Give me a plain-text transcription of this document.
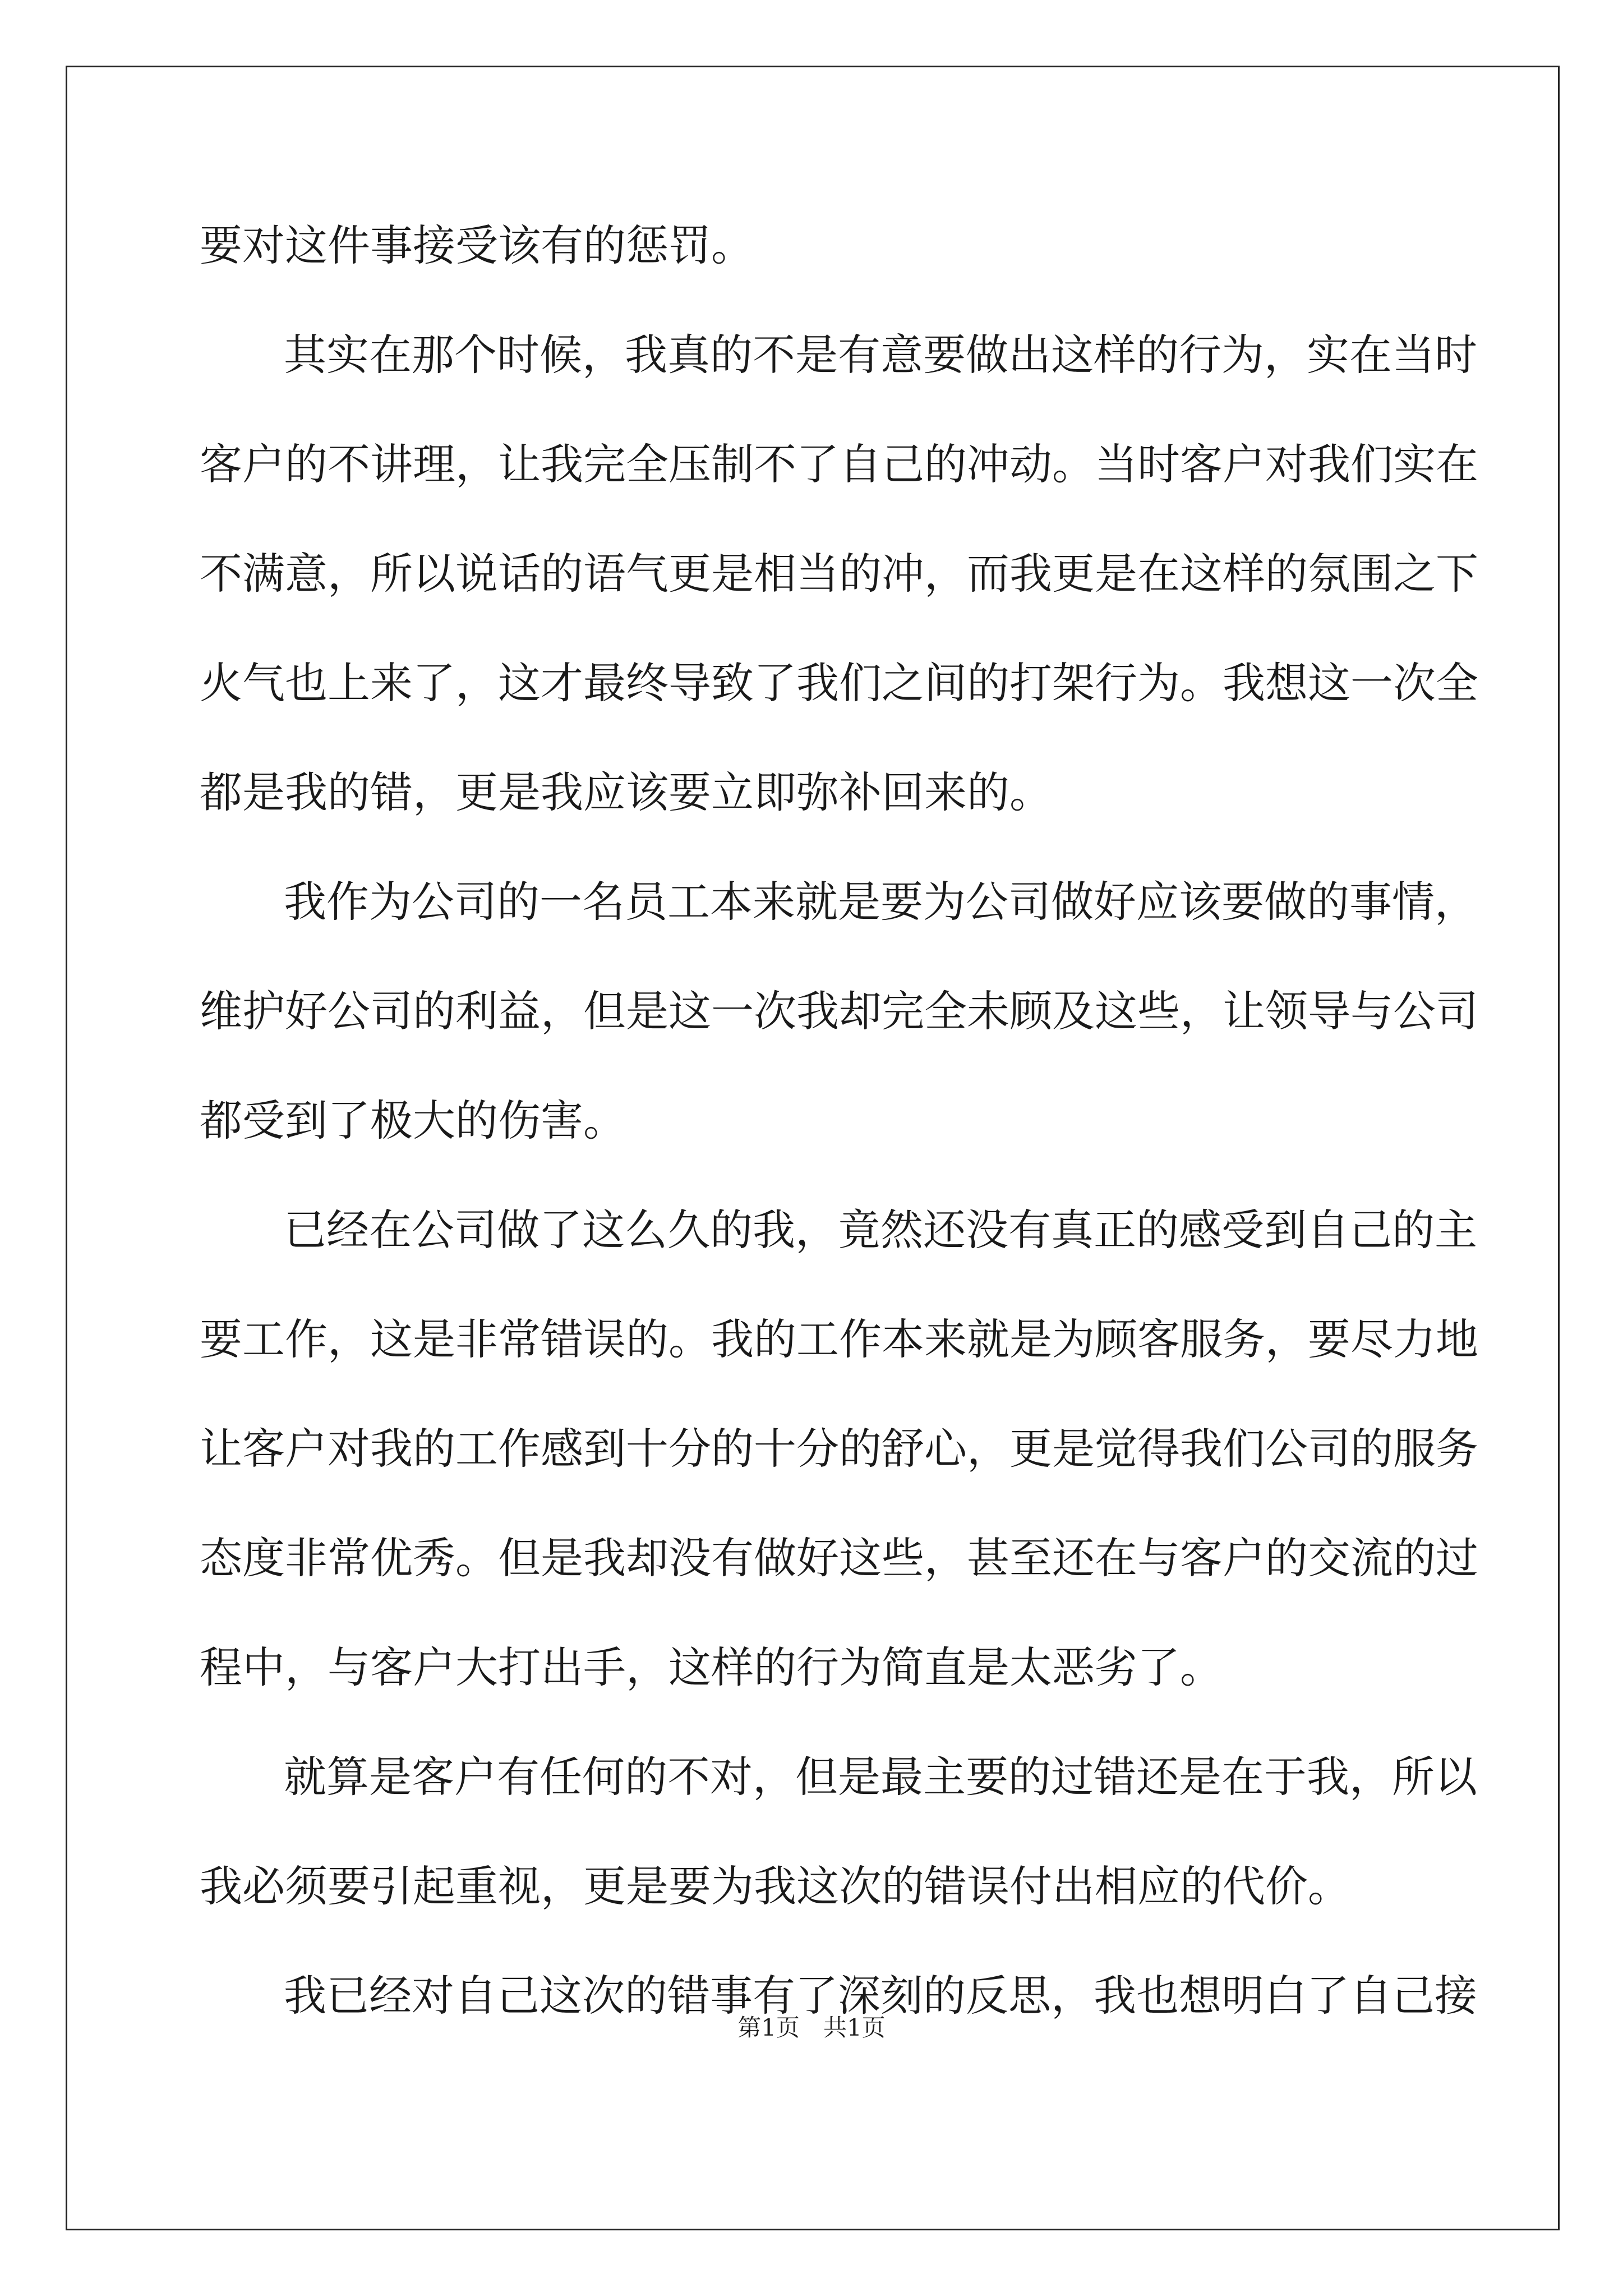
要对这件事接受该有的惩罚。

其实在那个时候，我真的不是有意要做出这样的行为，实在当时

客户的不讲理，让我完全压制不了自己的冲动。当时客户对我们实在

不满意，所以说话的语气更是相当的冲，而我更是在这样的氛围之下

火气也上来了，这才最终导致了我们之间的打架行为。我想这一次全

都是我的错，更是我应该要立即弥补回来的。

我作为公司的一名员工本来就是要为公司做好应该要做的事情，

维护好公司的利益，但是这一次我却完全未顾及这些，让领导与公司

都受到了极大的伤害。

已经在公司做了这么久的我，竟然还没有真正的感受到自己的主

要工作，这是非常错误的。我的工作本来就是为顾客服务，要尽力地

让客户对我的工作感到十分的十分的舒心，更是觉得我们公司的服务

态度非常优秀。但是我却没有做好这些，甚至还在与客户的交流的过

程中，与客户大打出手，这样的行为简直是太恶劣了。

就算是客户有任何的不对，但是最主要的过错还是在于我，所以

我必须要引起重视，更是要为我这次的错误付出相应的代价。

我已经对自己这次的错事有了深刻的反思，我也想明白了自己接

第1页　共1页
